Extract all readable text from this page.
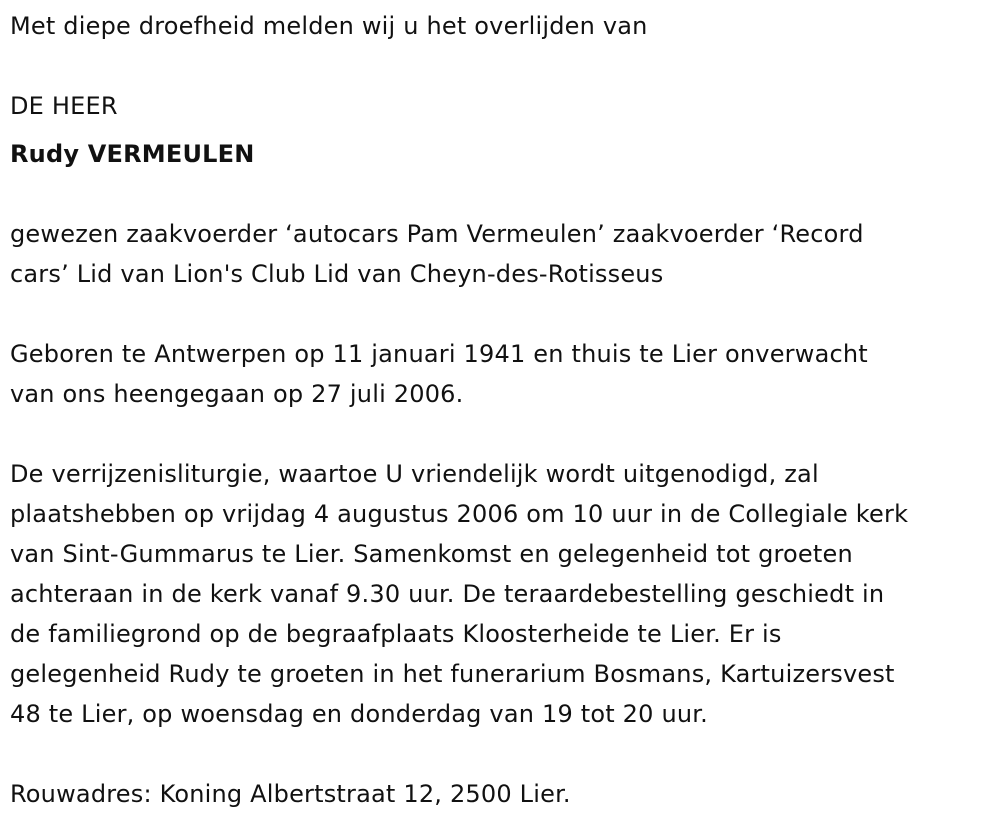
Met diepe droefheid melden wij u het overlijden van

DE HEER

Rudy VERMEULEN

gewezen zaakvoerder ‘autocars Pam Vermeulen’ zaakvoerder ‘Record

cars’ Lid van Lion's Club Lid van Cheyn-des-Rotisseus

Geboren te Antwerpen op 11 januari 1941 en thuis te Lier onverwacht

van ons heengegaan op 27 juli 2006.

De verrijzenisliturgie, waartoe U vriendelijk wordt uitgenodigd, zal

plaatshebben op vrijdag 4 augustus 2006 om 10 uur in de Collegiale kerk

van Sint-Gummarus te Lier. Samenkomst en gelegenheid tot groeten

achteraan in de kerk vanaf 9.30 uur. De teraardebestelling geschiedt in

de familiegrond op de begraafplaats Kloosterheide te Lier. Er is

gelegenheid Rudy te groeten in het funerarium Bosmans, Kartuizersvest

48 te Lier, op woensdag en donderdag van 19 tot 20 uur.

Rouwadres: Koning Albertstraat 12, 2500 Lier.
